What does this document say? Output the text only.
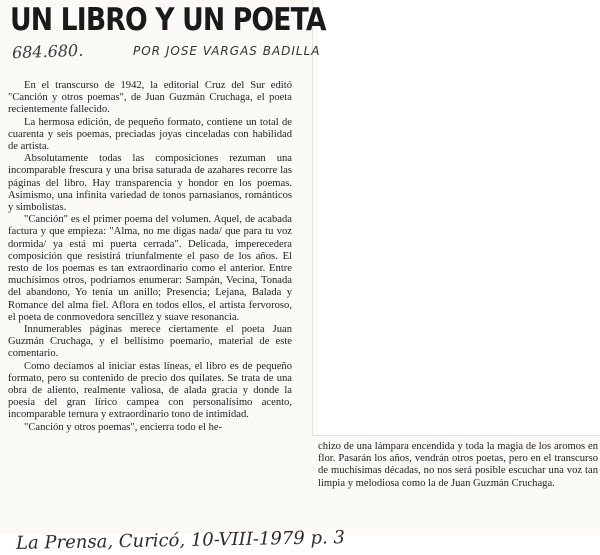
UN LIBRO Y UN POETA
684.680.	POR JOSE VARGAS BADILLA

En el transcurso de 1942, la editorial Cruz del Sur editó "Canción y otros poemas", de Juan Guzmán Cruchaga, el poeta recientemente fallecido.

La hermosa edición, de pequeño formato, contiene un total de cuarenta y seis poemas, preciadas joyas cinceladas con habilidad de artista.

Absolutamente todas las composiciones rezuman una incomparable frescura y una brisa saturada de azahares recorre las páginas del libro. Hay transparencia y hondor en los poemas. Asimismo, una infinita variedad de tonos parnasianos, románticos y simbolistas.

"Canción" es el primer poema del volumen. Aquel, de acabada factura y que empieza: "Alma, no me digas nada/ que para tu voz dormida/ ya está mi puerta cerrada". Delicada, imperecedera composición que resistirá triunfalmente el paso de los años. El resto de los poemas es tan extraordinario como el anterior. Entre muchísimos otros, podríamos enumerar: Sampán, Vecina, Tonada del abandono, Yo tenía un anillo; Presencia; Lejana, Balada y Romance del alma fiel. Aflora en todos ellos, el artista fervoroso, el poeta de conmovedora sencillez y suave resonancia.

Innumerables páginas merece ciertamente el poeta Juan Guzmán Cruchaga, y el bellísimo poemario, material de este comentario.

Como decíamos al iniciar estas líneas, el libro es de pequeño formato, pero su contenido de precio dos quilates. Se trata de una obra de aliento, realmente valiosa, de alada gracia y donde la poesía del gran lírico campea con personalísimo acento, incomparable ternura y extraordinario tono de intimidad.

"Canción y otros poemas", encierra todo el he-

chizo de una lámpara encendida y toda la magia de los aromos en flor. Pasarán los años, vendrán otros poetas, pero en el transcurso de muchísimas décadas, no nos será posible escuchar una voz tan limpia y melodiosa como la de Juan Guzmán Cruchaga.

La Prensa, Curicó, 10-VIII-1979 p. 3
